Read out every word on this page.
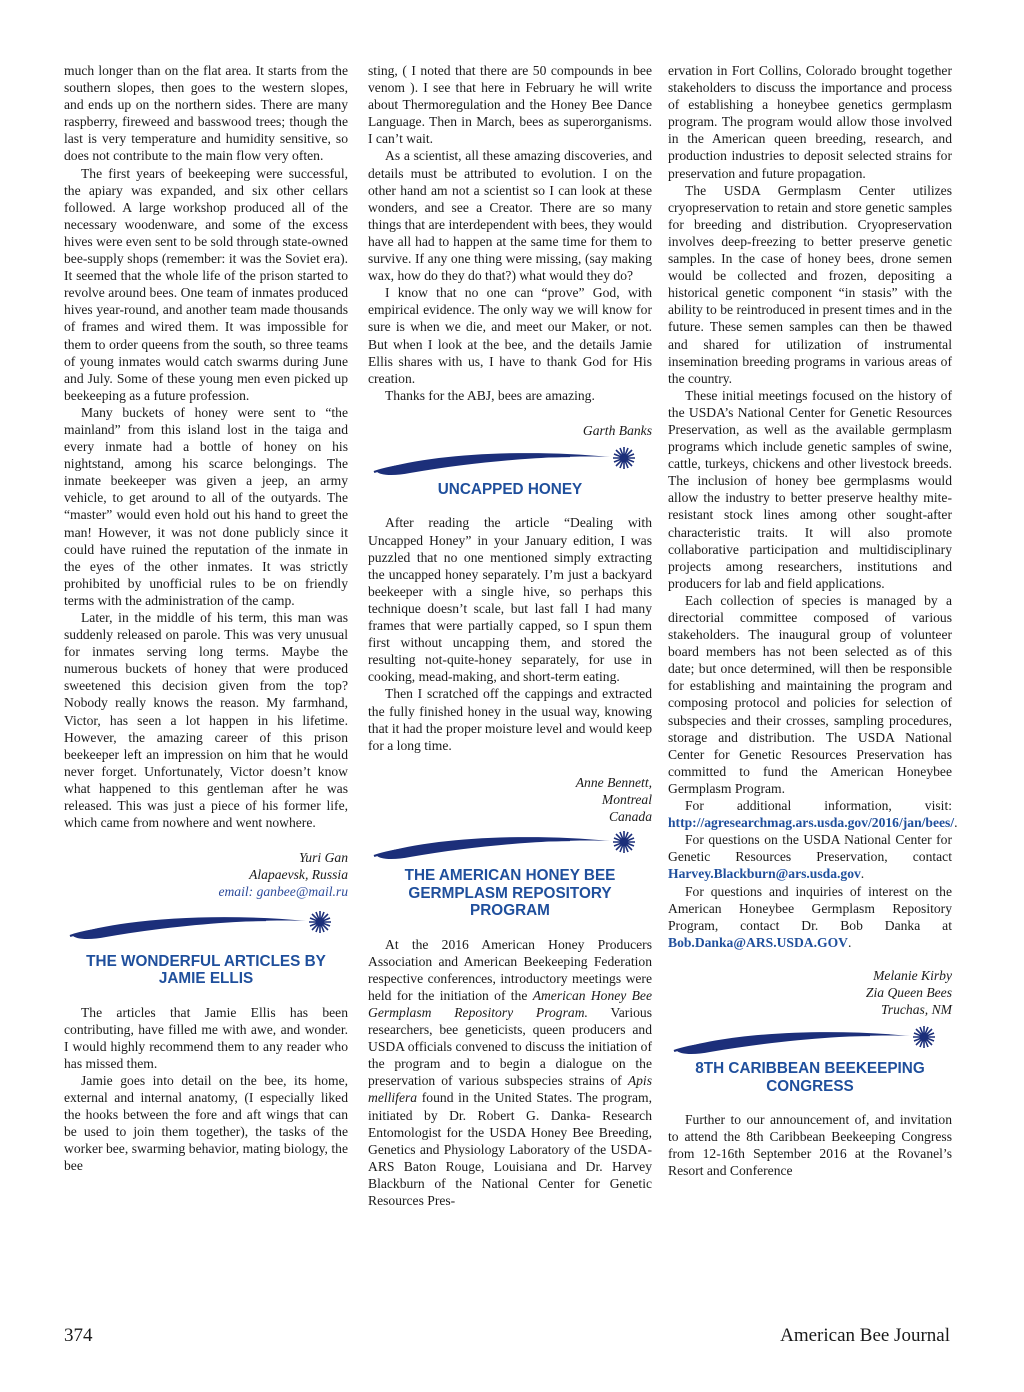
much longer than on the flat area. It starts from the southern slopes, then goes to the western slopes, and ends up on the northern sides. There are many raspberry, fireweed and basswood trees; though the last is very temperature and humidity sensitive, so does not contribute to the main flow very often.

The first years of beekeeping were successful, the apiary was expanded, and six other cellars followed. A large workshop produced all of the necessary woodenware, and some of the excess hives were even sent to be sold through state-owned bee-supply shops (remember: it was the Soviet era). It seemed that the whole life of the prison started to revolve around bees. One team of inmates produced hives year-round, and another team made thousands of frames and wired them. It was impossible for them to order queens from the south, so three teams of young inmates would catch swarms during June and July. Some of these young men even picked up beekeeping as a future profession.

Many buckets of honey were sent to “the mainland” from this island lost in the taiga and every inmate had a bottle of honey on his nightstand, among his scarce belongings. The inmate beekeeper was given a jeep, an army vehicle, to get around to all of the outyards. The “master” would even hold out his hand to greet the man! However, it was not done publicly since it could have ruined the reputation of the inmate in the eyes of the other inmates. It was strictly prohibited by unofficial rules to be on friendly terms with the administration of the camp.

Later, in the middle of his term, this man was suddenly released on parole. This was very unusual for inmates serving long terms. Maybe the numerous buckets of honey that were produced sweetened this decision given from the top? Nobody really knows the reason. My farmhand, Victor, has seen a lot happen in his lifetime. However, the amazing career of this prison beekeeper left an impression on him that he would never forget. Unfortunately, Victor doesn’t know what happened to this gentleman after he was released. This was just a piece of his former life, which came from nowhere and went nowhere.

Yuri Gan
Alapaevsk, Russia
email: ganbee@mail.ru
THE WONDERFUL ARTICLES BY JAMIE ELLIS

The articles that Jamie Ellis has been contributing, have filled me with awe, and wonder. I would highly recommend them to any reader who has missed them.

Jamie goes into detail on the bee, its home, external and internal anatomy, (I especially liked the hooks between the fore and aft wings that can be used to join them together), the tasks of the worker bee, swarming behavior, mating biology, the bee

sting, ( I noted that there are 50 compounds in bee venom ). I see that here in February he will write about Thermoregulation and the Honey Bee Dance Language. Then in March, bees as superorganisms. I can’t wait.

As a scientist, all these amazing discoveries, and details must be attributed to evolution. I on the other hand am not a scientist so I can look at these wonders, and see a Creator. There are so many things that are interdependent with bees, they would have all had to happen at the same time for them to survive. If any one thing were missing, (say making wax, how do they do that?) what would they do?

I know that no one can “prove” God, with empirical evidence. The only way we will know for sure is when we die, and meet our Maker, or not. But when I look at the bee, and the details Jamie Ellis shares with us, I have to thank God for His creation.

Thanks for the ABJ, bees are amazing.

Garth Banks
UNCAPPED HONEY

After reading the article “Dealing with Uncapped Honey” in your January edition, I was puzzled that no one mentioned simply extracting the uncapped honey separately. I’m just a backyard beekeeper with a single hive, so perhaps this technique doesn’t scale, but last fall I had many frames that were partially capped, so I spun them first without uncapping them, and stored the resulting not-quite-honey separately, for use in cooking, mead-making, and short-term eating.

Then I scratched off the cappings and extracted the fully finished honey in the usual way, knowing that it had the proper moisture level and would keep for a long time.

Anne Bennett,
Montreal
Canada
THE AMERICAN HONEY BEE GERMPLASM REPOSITORY PROGRAM

At the 2016 American Honey Producers Association and American Beekeeping Federation respective conferences, introductory meetings were held for the initiation of the American Honey Bee Germplasm Repository Program. Various researchers, bee geneticists, queen producers and USDA officials convened to discuss the initiation of the program and to begin a dialogue on the preservation of various subspecies strains of Apis mellifera found in the United States. The program, initiated by Dr. Robert G. Danka- Research Entomologist for the USDA Honey Bee Breeding, Genetics and Physiology Laboratory of the USDA-ARS Baton Rouge, Louisiana and Dr. Harvey Blackburn of the National Center for Genetic Resources Pres-

ervation in Fort Collins, Colorado brought together stakeholders to discuss the importance and process of establishing a honeybee genetics germplasm program. The program would allow those involved in the American queen breeding, research, and production industries to deposit selected strains for preservation and future propagation.

The USDA Germplasm Center utilizes cryopreservation to retain and store genetic samples for breeding and distribution. Cryopreservation involves deep-freezing to better preserve genetic samples. In the case of honey bees, drone semen would be collected and frozen, depositing a historical genetic component “in stasis” with the ability to be reintroduced in present times and in the future. These semen samples can then be thawed and shared for utilization of instrumental insemination breeding programs in various areas of the country.

These initial meetings focused on the history of the USDA’s National Center for Genetic Resources Preservation, as well as the available germplasm programs which include genetic samples of swine, cattle, turkeys, chickens and other livestock breeds. The inclusion of honey bee germplasms would allow the industry to better preserve healthy mite-resistant stock lines among other sought-after characteristic traits. It will also promote collaborative participation and multidisciplinary projects among researchers, institutions and producers for lab and field applications.

Each collection of species is managed by a directorial committee composed of various stakeholders. The inaugural group of volunteer board members has not been selected as of this date; but once determined, will then be responsible for establishing and maintaining the program and composing protocol and policies for selection of subspecies and their crosses, sampling procedures, storage and distribution. The USDA National Center for Genetic Resources Preservation has committed to fund the American Honeybee Germplasm Program.

For additional information, visit: http://agresearchmag.ars.usda.gov/2016/jan/bees/.

For questions on the USDA National Center for Genetic Resources Preservation, contact Harvey.Blackburn@ars.usda.gov.

For questions and inquiries of interest on the American Honeybee Germplasm Repository Program, contact Dr. Bob Danka at Bob.Danka@ARS.USDA.GOV.

Melanie Kirby
Zia Queen Bees
Truchas, NM
8TH CARIBBEAN BEEKEEPING CONGRESS

Further to our announcement of, and invitation to attend the 8th Caribbean Beekeeping Congress from 12-16th September 2016 at the Rovanel’s Resort and Conference

374	American Bee Journal
